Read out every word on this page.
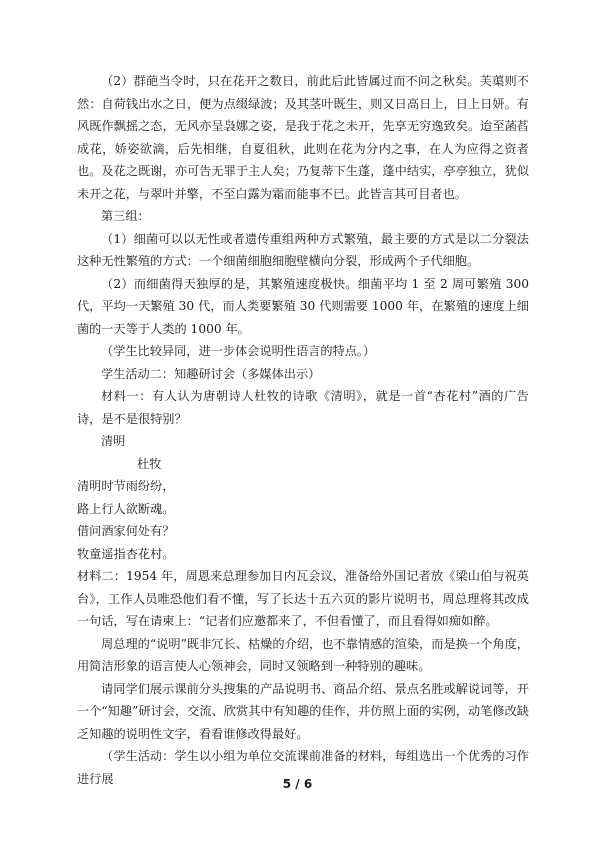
（2）群葩当令时，只在花开之数日，前此后此皆属过而不问之秋矣。芙蕖则不然：自荷钱出水之日，便为点缀绿波；及其茎叶既生，则又日高日上，日上日妍。有风既作飘摇之态，无风亦呈袅娜之姿，是我于花之未开，先享无穷逸致矣。迨至菡萏成花，娇姿欲滴，后先相继，自夏徂秋，此则在花为分内之事，在人为应得之资者也。及花之既谢，亦可告无罪于主人矣；乃复蒂下生蓬，蓬中结实，亭亭独立，犹似未开之花，与翠叶并擎，不至白露为霜而能事不已。此皆言其可目者也。

第三组：

（1）细菌可以以无性或者遗传重组两种方式繁殖，最主要的方式是以二分裂法这种无性繁殖的方式：一个细菌细胞细胞壁横向分裂，形成两个子代细胞。

（2）而细菌得天独厚的是，其繁殖速度极快。细菌平均 1 至 2 周可繁殖 300 代，平均一天繁殖 30 代，而人类要繁殖 30 代则需要 1000 年，在繁殖的速度上细菌的一天等于人类的 1000 年。

（学生比较异同，进一步体会说明性语言的特点。）

学生活动二：知趣研讨会（多媒体出示）

材料一：有人认为唐朝诗人杜牧的诗歌《清明》，就是一首“杏花村”酒的广告诗，是不是很特别？

清明

杜牧

清明时节雨纷纷，

路上行人欲断魂。

借问酒家何处有？

牧童遥指杏花村。

材料二：1954 年，周恩来总理参加日内瓦会议，准备给外国记者放《梁山伯与祝英台》，工作人员唯恐他们看不懂，写了长达十五六页的影片说明书，周总理将其改成一句话，写在请柬上：“记者们应邀都来了，不但看懂了，而且看得如痴如醉。

周总理的“说明”既非冗长、枯燥的介绍，也不靠情感的渲染，而是换一个角度，用简洁形象的语言使人心领神会，同时又领略到一种特别的趣味。

请同学们展示课前分头搜集的产品说明书、商品介绍、景点名胜或解说词等，开一个“知趣”研讨会，交流、欣赏其中有知趣的佳作，并仿照上面的实例，动笔修改缺乏知趣的说明性文字，看看谁修改得最好。

（学生活动：学生以小组为单位交流课前准备的材料，每组选出一个优秀的习作进行展	5 / 6
